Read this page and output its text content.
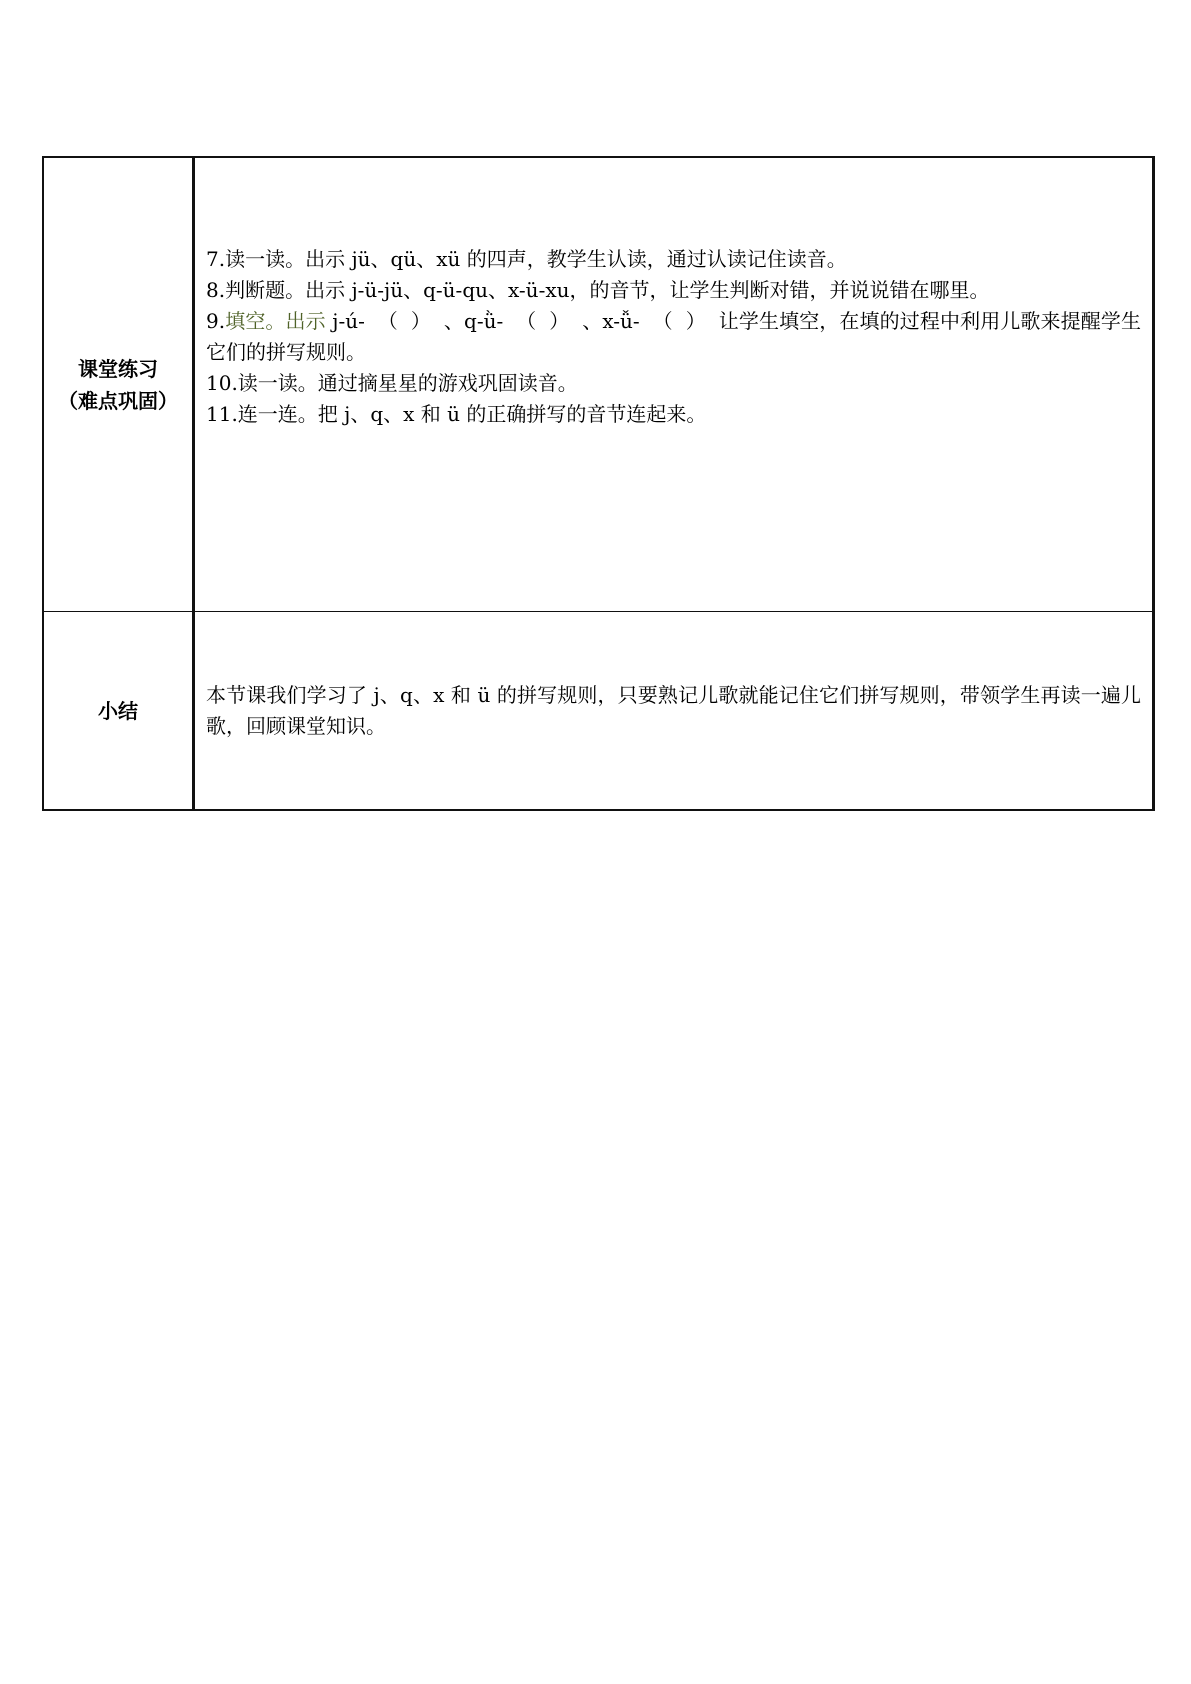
课堂练习
（难点巩固）

7.读一读。出示 jü、qü、xü 的四声，教学生认读，通过认读记住读音。

8.判断题。出示 j-ü-jü、q-ü-qu、x-ü-xu，的音节，让学生判断对错，并说说错在哪里。

9.填空。出示 j-ú-  （  ）  、q-ǜ-  （  ）  、x-ǚ-  （  ）  让学生填空，在填的过程中利用儿歌来提醒学生它们的拼写规则。

10.读一读。通过摘星星的游戏巩固读音。

11.连一连。把 j、q、x 和 ü 的正确拼写的音节连起来。

小结

本节课我们学习了 j、q、x 和 ü 的拼写规则，只要熟记儿歌就能记住它们拼写规则，带领学生再读一遍儿歌，回顾课堂知识。
